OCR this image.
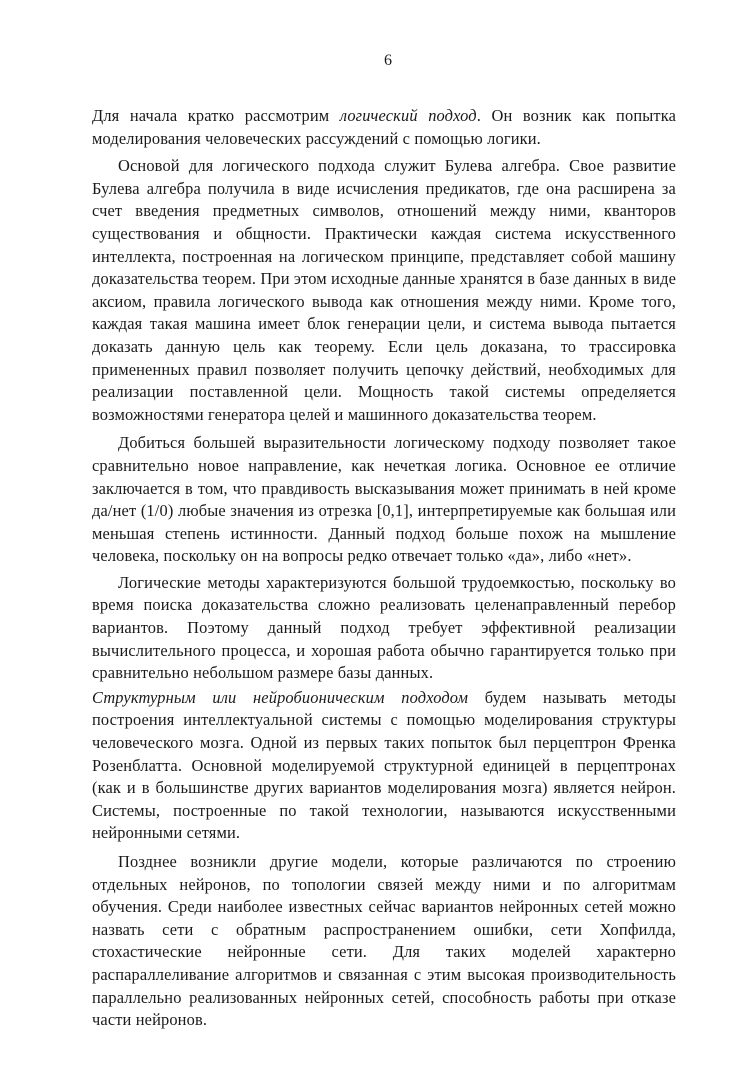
6

Для начала кратко рассмотрим логический подход. Он возник как попытка моделирования человеческих рассуждений с помощью логики.

Основой для логического подхода служит Булева алгебра. Свое развитие Булева алгебра получила в виде исчисления предикатов, где она расширена за счет введения предметных символов, отношений между ними, кванторов существования и общности. Практически каждая система искусственного интеллекта, построенная на логическом принципе, представляет собой машину доказательства теорем. При этом исходные данные хранятся в базе данных в виде аксиом, правила логического вывода как отношения между ними. Кроме того, каждая такая машина имеет блок генерации цели, и система вывода пытается доказать данную цель как теорему. Если цель доказана, то трассировка примененных правил позволяет получить цепочку действий, необходимых для реализации поставленной цели. Мощность такой системы определяется возможностями генератора целей и машинного доказательства теорем.

Добиться большей выразительности логическому подходу позволяет такое сравнительно новое направление, как нечеткая логика. Основное ее отличие заключается в том, что правдивость высказывания может принимать в ней кроме да/нет (1/0) любые значения из отрезка [0,1], интерпретируемые как большая или меньшая степень истинности. Данный подход больше похож на мышление человека, поскольку он на вопросы редко отвечает только «да», либо «нет».

Логические методы характеризуются большой трудоемкостью, поскольку во время поиска доказательства сложно реализовать целенаправленный перебор вариантов. Поэтому данный подход требует эффективной реализации вычислительного процесса, и хорошая работа обычно гарантируется только при сравнительно небольшом размере базы данных.

Структурным или нейробионическим подходом будем называть методы построения интеллектуальной системы с помощью моделирования структуры человеческого мозга. Одной из первых таких попыток был перцептрон Френка Розенблатта. Основной моделируемой структурной единицей в перцептронах (как и в большинстве других вариантов моделирования мозга) является нейрон. Системы, построенные по такой технологии, называются искусственными нейронными сетями.

Позднее возникли другие модели, которые различаются по строению отдельных нейронов, по топологии связей между ними и по алгоритмам обучения. Среди наиболее известных сейчас вариантов нейронных сетей можно назвать сети с обратным распространением ошибки, сети Хопфилда, стохастические нейронные сети. Для таких моделей характерно распараллеливание алгоритмов и связанная с этим высокая производительность параллельно реализованных нейронных сетей, способность работы при отказе части нейронов.
